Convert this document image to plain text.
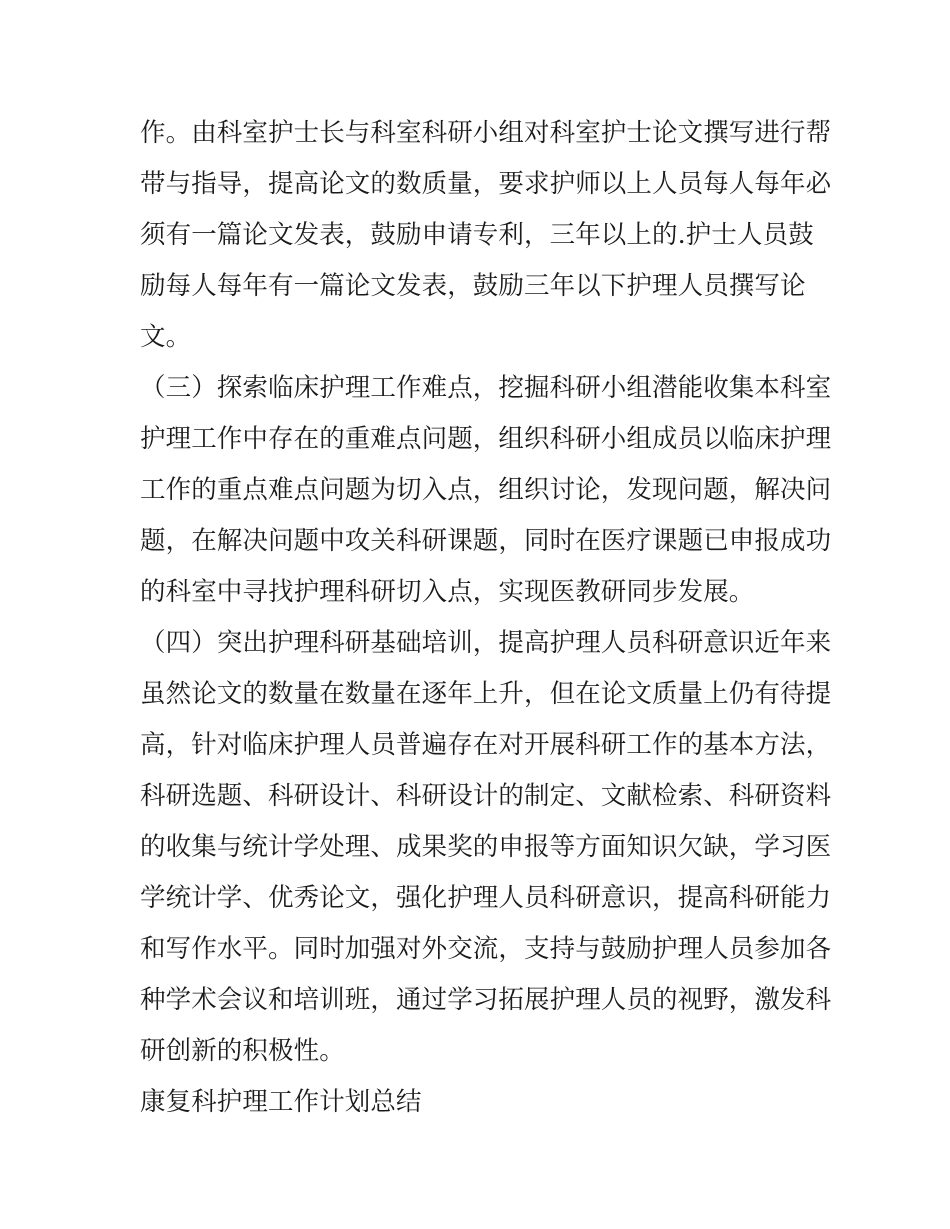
作。由科室护士长与科室科研小组对科室护士论文撰写进行帮
带与指导，提高论文的数质量，要求护师以上人员每人每年必
须有一篇论文发表，鼓励申请专利，三年以上的.护士人员鼓
励每人每年有一篇论文发表，鼓励三年以下护理人员撰写论
文。
（三）探索临床护理工作难点，挖掘科研小组潜能收集本科室
护理工作中存在的重难点问题，组织科研小组成员以临床护理
工作的重点难点问题为切入点，组织讨论，发现问题，解决问
题，在解决问题中攻关科研课题，同时在医疗课题已申报成功
的科室中寻找护理科研切入点，实现医教研同步发展。
（四）突出护理科研基础培训，提高护理人员科研意识近年来
虽然论文的数量在数量在逐年上升，但在论文质量上仍有待提
高，针对临床护理人员普遍存在对开展科研工作的基本方法，
科研选题、科研设计、科研设计的制定、文献检索、科研资料
的收集与统计学处理、成果奖的申报等方面知识欠缺，学习医
学统计学、优秀论文，强化护理人员科研意识，提高科研能力
和写作水平。同时加强对外交流，支持与鼓励护理人员参加各
种学术会议和培训班，通过学习拓展护理人员的视野，激发科
研创新的积极性。
康复科护理工作计划总结
